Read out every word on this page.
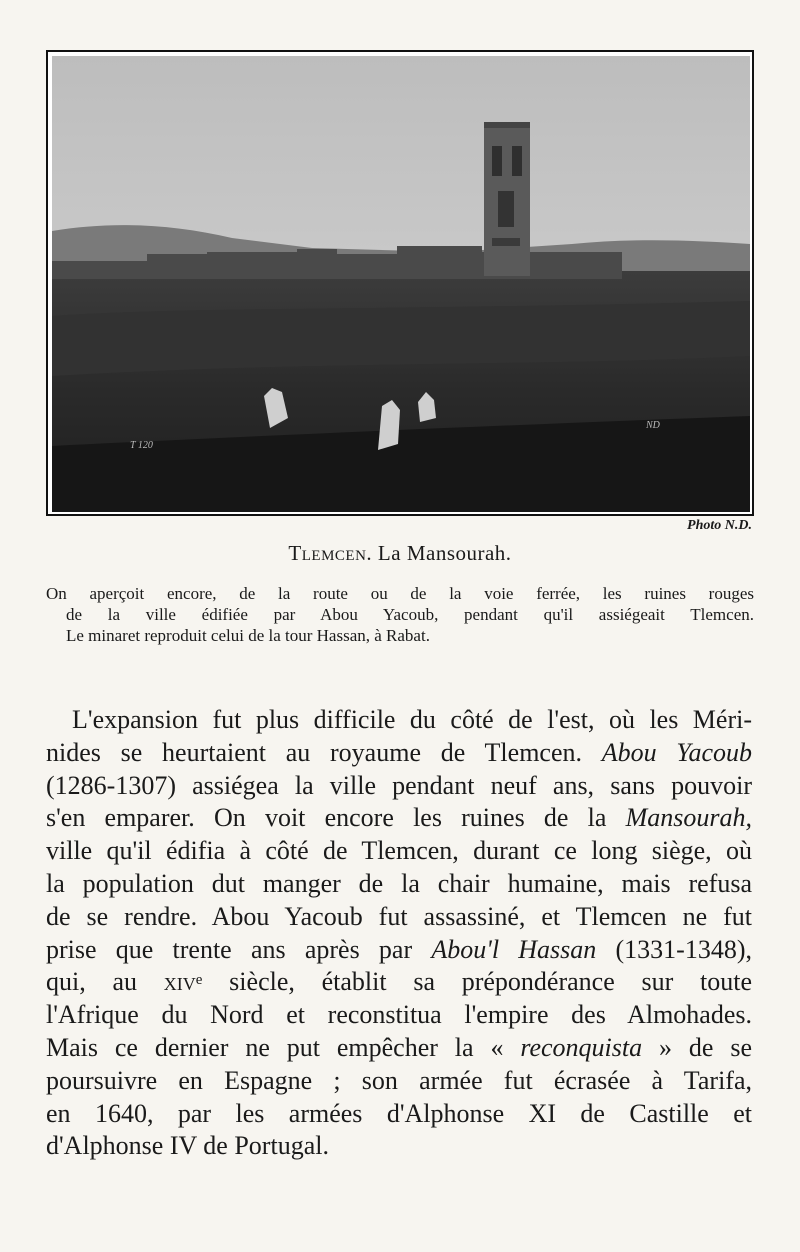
T 120
ND
Photo N.D.
Tlemcen. La Mansourah.
On aperçoit encore, de la route ou de la voie ferrée, les ruines rouges
de la ville édifiée par Abou Yacoub, pendant qu'il assiégeait Tlemcen.
Le minaret reproduit celui de la tour Hassan, à Rabat.
L'expansion fut plus difficile du côté de l'est, où les Méri-
nides se heurtaient au royaume de Tlemcen. Abou Yacoub
(1286-1307) assiégea la ville pendant neuf ans, sans pouvoir
s'en emparer. On voit encore les ruines de la Mansourah,
ville qu'il édifia à côté de Tlemcen, durant ce long siège, où
la population dut manger de la chair humaine, mais refusa
de se rendre. Abou Yacoub fut assassiné, et Tlemcen ne fut
prise que trente ans après par Abou'l Hassan (1331-1348),
qui, au xiv$^e$ siècle, établit sa prépondérance sur toute
l'Afrique du Nord et reconstitua l'empire des Almohades.
Mais ce dernier ne put empêcher la « reconquista » de se
poursuivre en Espagne ; son armée fut écrasée à Tarifa,
en 1640, par les armées d'Alphonse XI de Castille et
d'Alphonse IV de Portugal.
